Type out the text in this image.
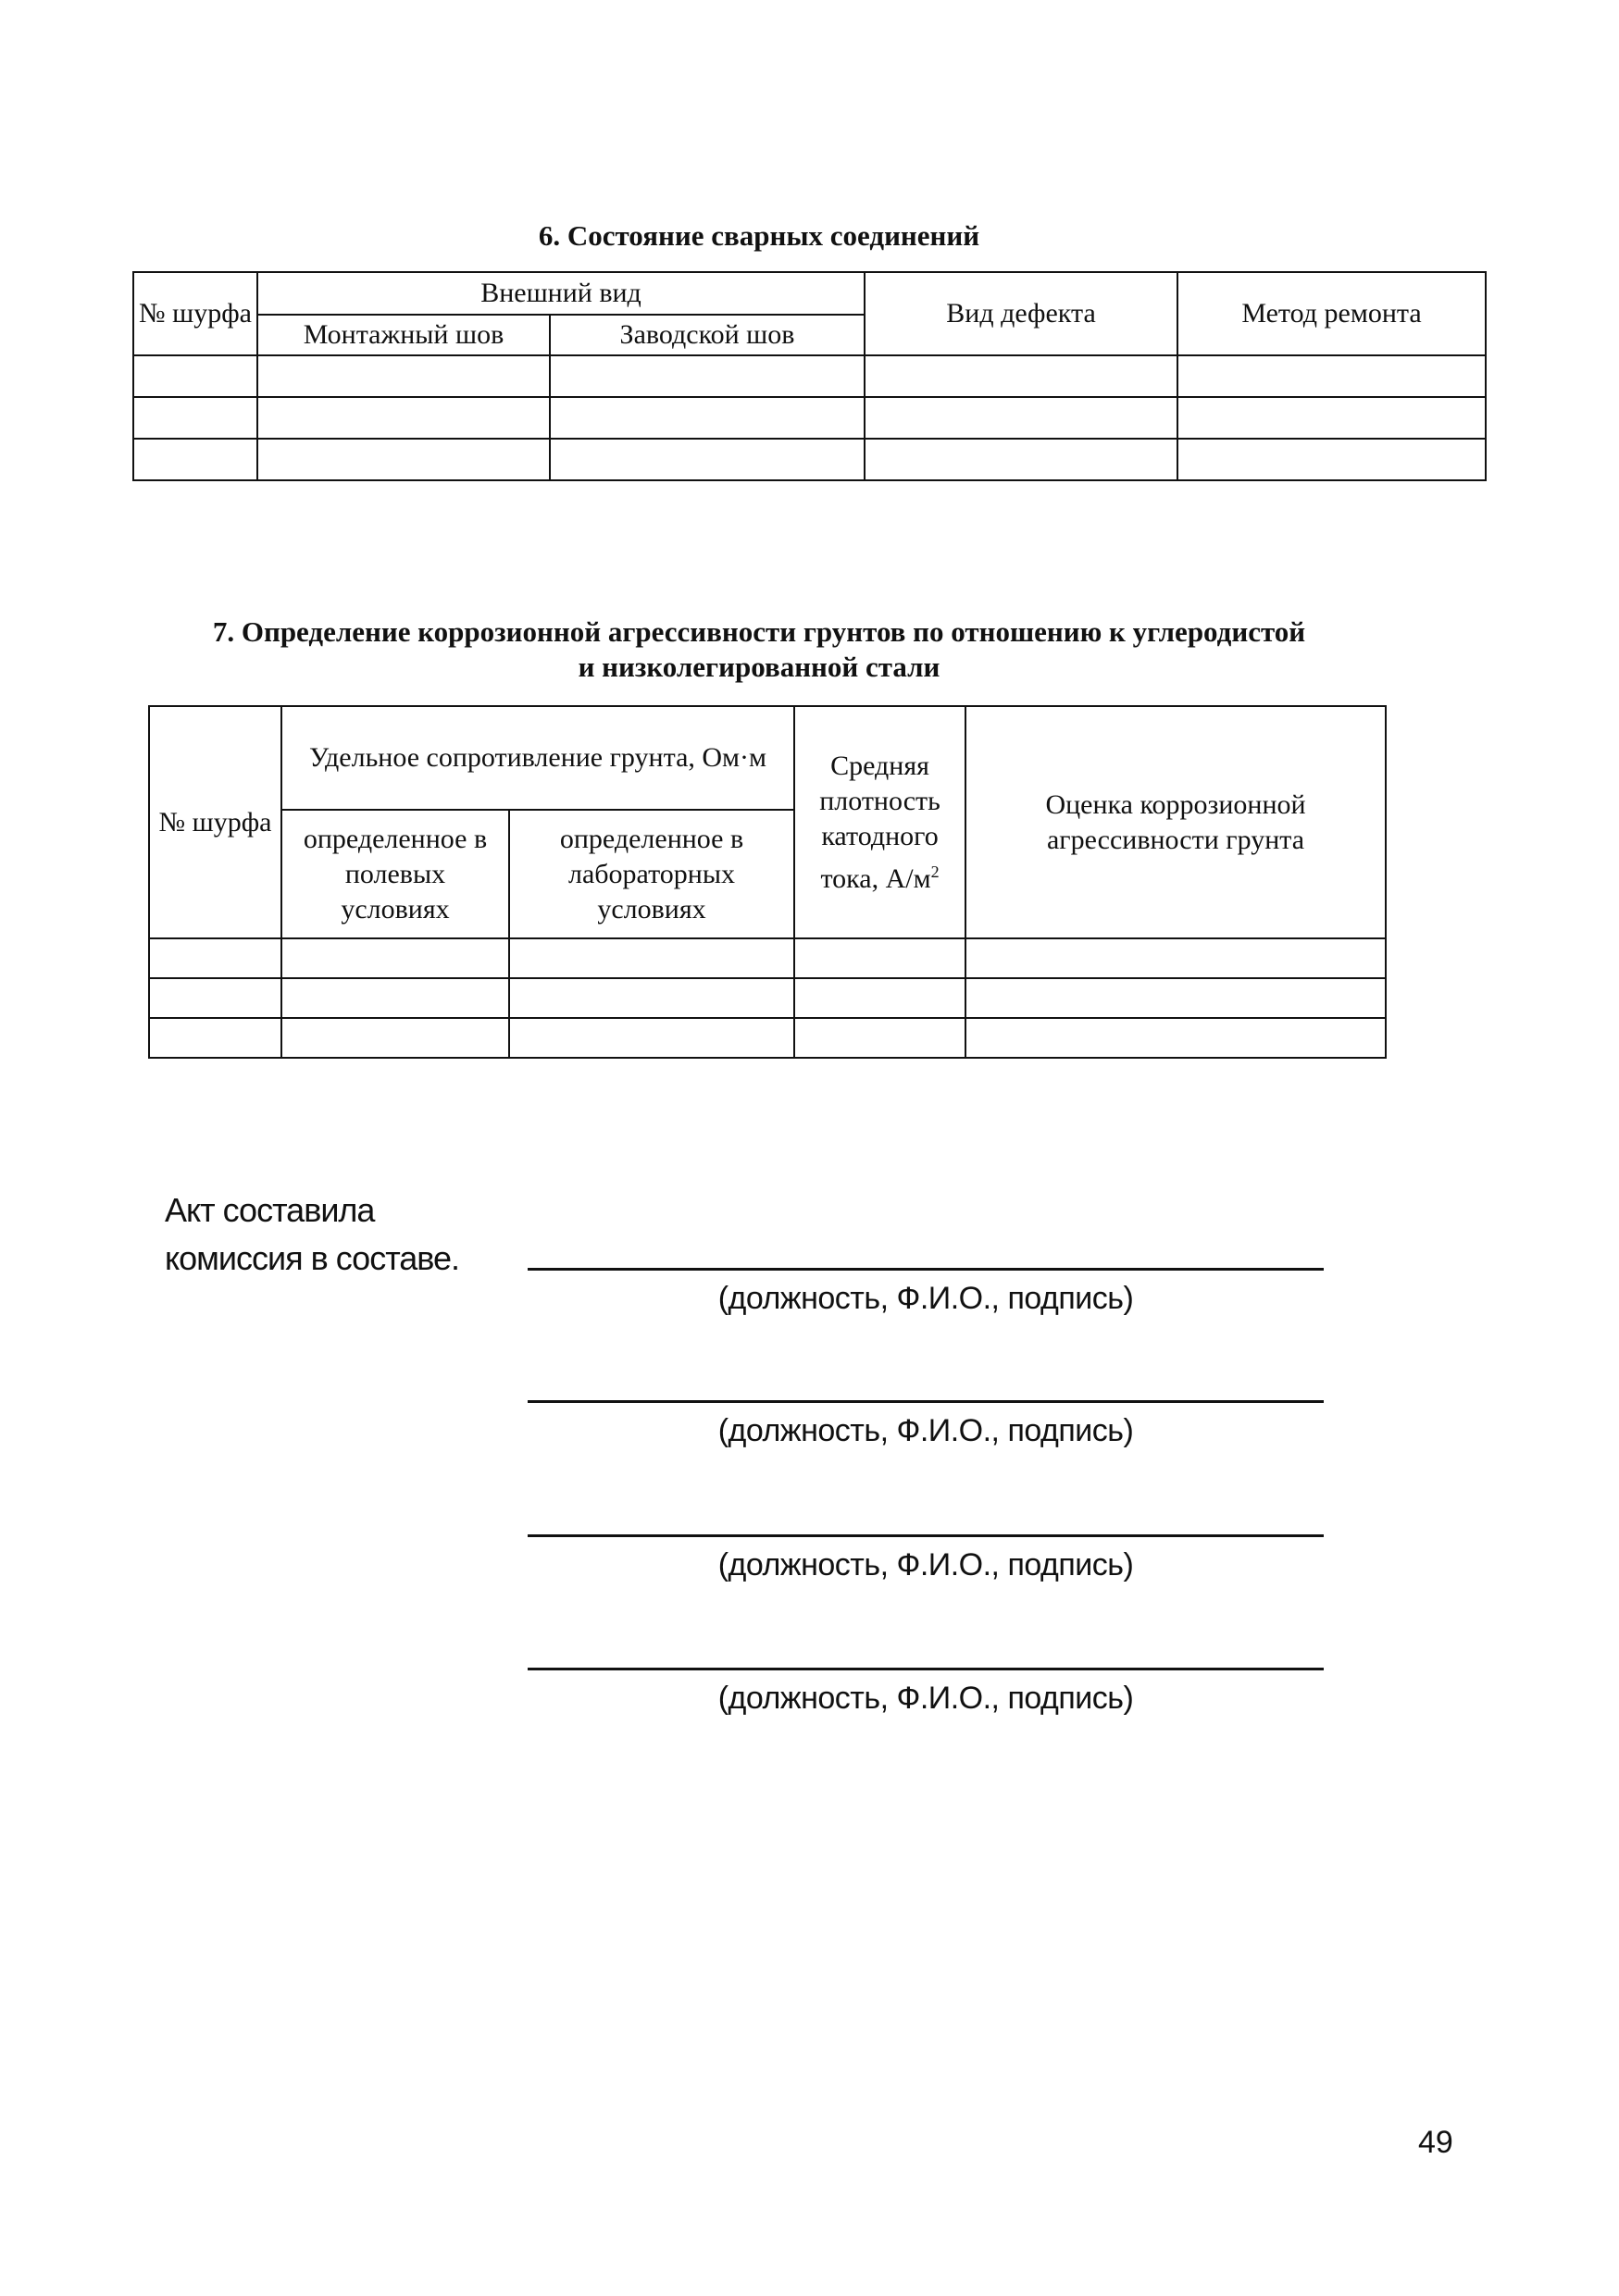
6. Состояние сварных соединений
№ шурфа	Внешний вид		Вид дефекта	Метод ремонта
	Монтажный шов	Заводской шов		

7. Определение коррозионной агрессивности грунтов по отношению к углеродистой
и низколегированной стали
№ шурфа	Удельное сопротивление грунта, Ом·м		Средняя плотность катодного тока, $А/м^2$	Оценка коррозионной агрессивности грунта
	определенное в полевых условиях	определенное в лабораторных условиях		

Акт составила
комиссия в составе.
(должность, Ф.И.О., подпись)
(должность, Ф.И.О., подпись)
(должность, Ф.И.О., подпись)
(должность, Ф.И.О., подпись)
49
